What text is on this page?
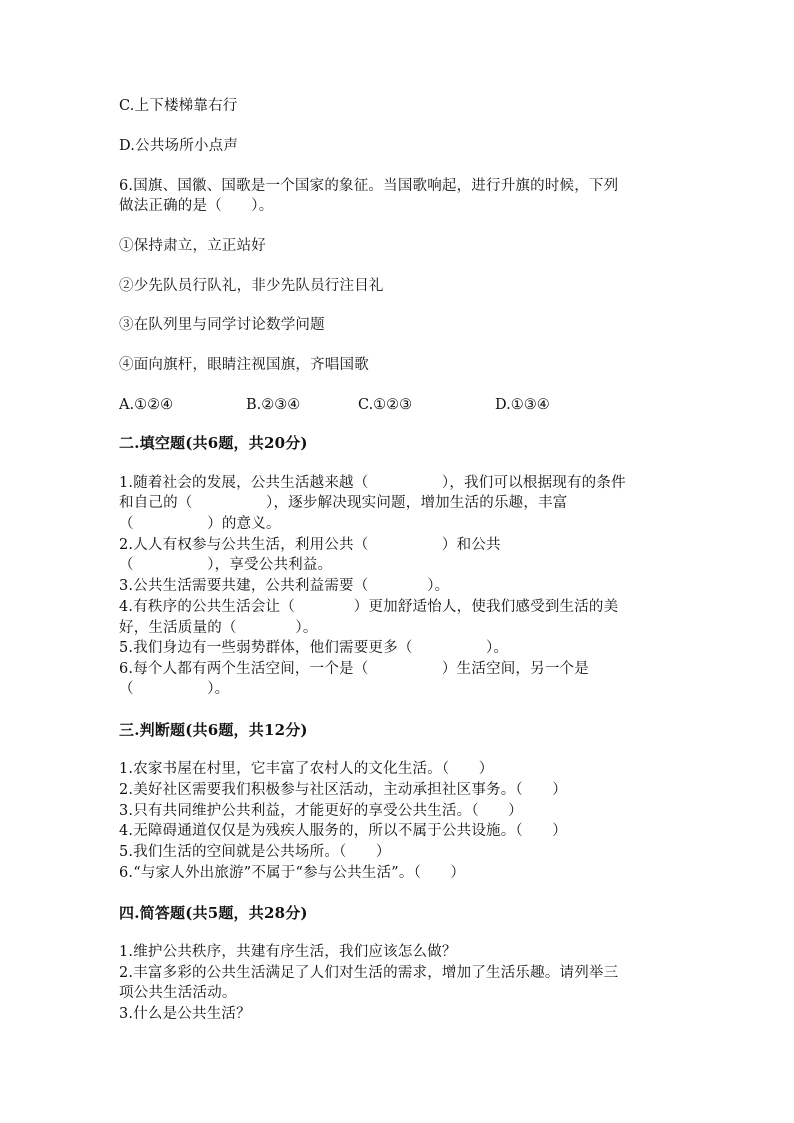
C.上下楼梯靠右行
D.公共场所小点声
6.国旗、国徽、国歌是一个国家的象征。当国歌响起，进行升旗的时候，下列
做法正确的是（　　）。
①保持肃立，立正站好
②少先队员行队礼，非少先队员行注目礼
③在队列里与同学讨论数学问题
④面向旗杆，眼睛注视国旗，齐唱国歌
A.①②④	B.②③④	C.①②③	D.①③④
二.填空题(共6题，共20分)
1.随着社会的发展，公共生活越来越（　　　　　），我们可以根据现有的条件
和自己的（　　　　　），逐步解决现实问题，增加生活的乐趣，丰富
（　　　　　）的意义。
2.人人有权参与公共生活，利用公共（　　　　　）和公共
（　　　　　），享受公共利益。
3.公共生活需要共建，公共利益需要（　　　　）。
4.有秩序的公共生活会让（　　　　）更加舒适怡人，使我们感受到生活的美
好，生活质量的（　　　　）。
5.我们身边有一些弱势群体，他们需要更多（　　　　　）。
6.每个人都有两个生活空间，一个是（　　　　　）生活空间，另一个是
（　　　　　）。
三.判断题(共6题，共12分)
1.农家书屋在村里，它丰富了农村人的文化生活。（　　）
2.美好社区需要我们积极参与社区活动，主动承担社区事务。（　　）
3.只有共同维护公共利益，才能更好的享受公共生活。（　　）
4.无障碍通道仅仅是为残疾人服务的，所以不属于公共设施。（　　）
5.我们生活的空间就是公共场所。（　　）
6.“与家人外出旅游”不属于“参与公共生活”。（　　）
四.简答题(共5题，共28分)
1.维护公共秩序，共建有序生活，我们应该怎么做？
2.丰富多彩的公共生活满足了人们对生活的需求，增加了生活乐趣。请列举三
项公共生活活动。
3.什么是公共生活？
